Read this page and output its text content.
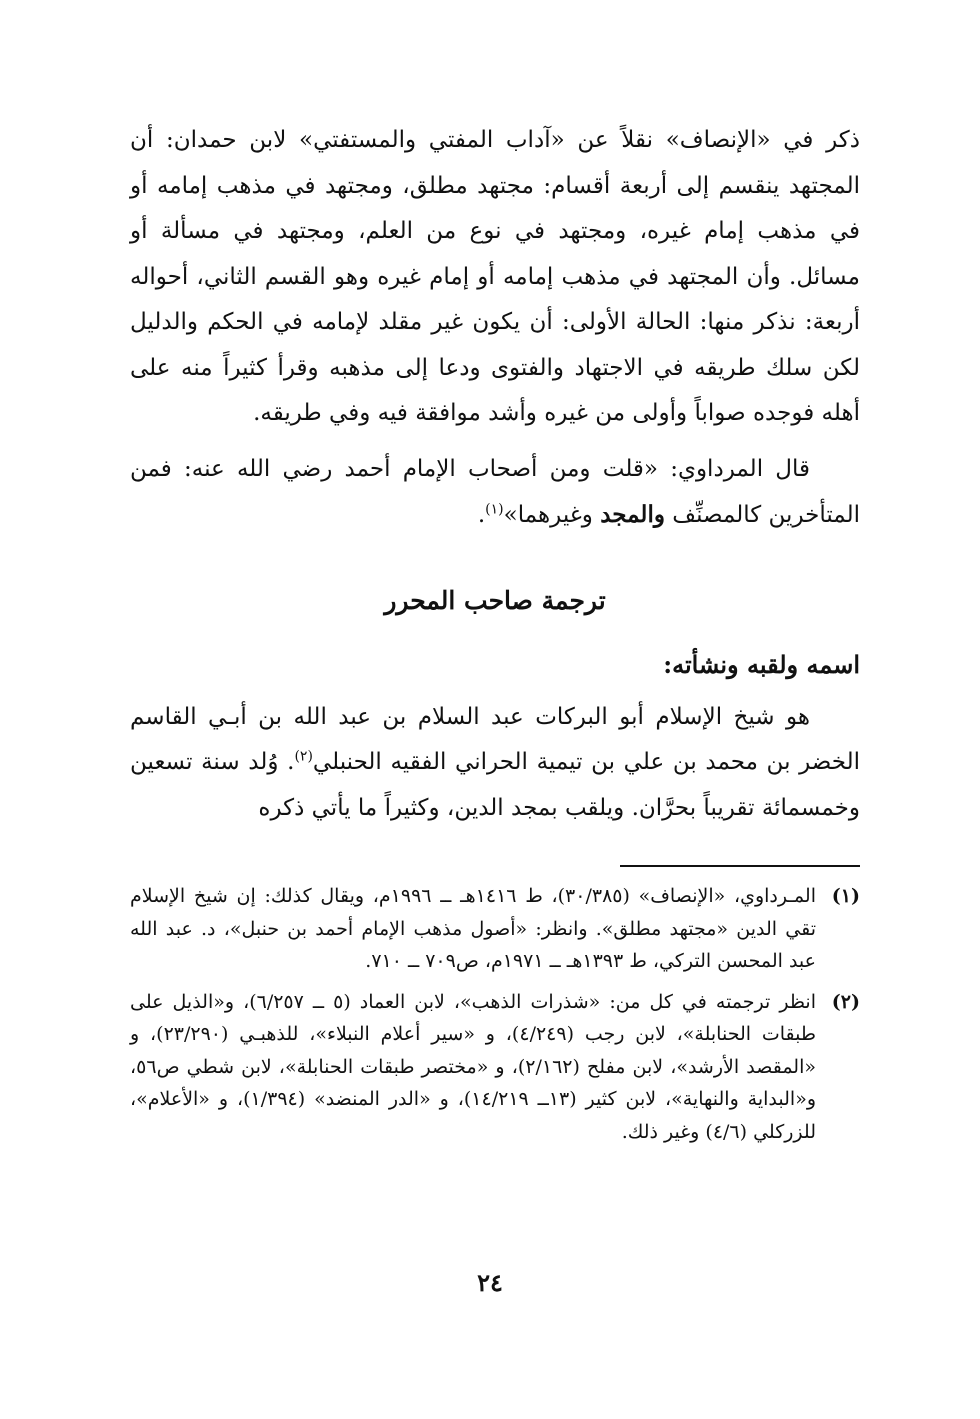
ذكر في «الإنصاف» نقلاً عن «آداب المفتي والمستفتي» لابن حمدان: أن المجتهد ينقسم إلى أربعة أقسام: مجتهد مطلق، ومجتهد في مذهب إمامه أو في مذهب إمام غيره، ومجتهد في نوع من العلم، ومجتهد في مسألة أو مسائل. وأن المجتهد في مذهب إمامه أو إمام غيره وهو القسم الثاني، أحواله أربعة: نذكر منها: الحالة الأولى: أن يكون غير مقلد لإمامه في الحكم والدليل لكن سلك طريقه في الاجتهاد والفتوى ودعا إلى مذهبه وقرأ كثيراً منه على أهله فوجده صواباً وأولى من غيره وأشد موافقة فيه وفي طريقه.

قال المرداوي: «قلت ومن أصحاب الإمام أحمد رضي الله عنه: فمن المتأخرين كالمصنِّف والمجد وغيرهما»$^{(١)}$.

ترجمة صاحب المحرر
اسمه ولقبه ونشأته:

هو شيخ الإسلام أبو البركات عبد السلام بن عبد الله بن أبـي القاسم الخضر بن محمد بن علي بن تيمية الحراني الفقيه الحنبلي$^{(٢)}$. وُلد سنة تسعين وخمسمائة تقريباً بحرَّان. ويلقب بمجد الدين، وكثيراً ما يأتي ذكره

(١)
المـرداوي، «الإنصاف» (٣٠/٣٨٥)، ط ١٤١٦هـ ــ ١٩٩٦م، ويقال كذلك: إن شيخ الإسلام تقي الدين «مجتهد مطلق». وانظر: «أصول مذهب الإمام أحمد بن حنبل»، د. عبد الله عبد المحسن التركي، ط ١٣٩٣هـ ــ ١٩٧١م، ص٧٠٩ ــ ٧١٠.
(٢)
انظر ترجمته في كل من: «شذرات الذهب»، لابن العماد (٥ ــ ٦/٢٥٧)، و«الذيل على طبقات الحنابلة»، لابن رجب (٤/٢٤٩)، و «سير أعلام النبلاء»، للذهبـي (٢٣/٢٩٠)، و «المقصد الأرشد»، لابن مفلح (٢/١٦٢)، و «مختصر طبقات الحنابلة»، لابن شطي ص٥٦، و«البداية والنهاية»، لابن كثير (١٣ــ ١٤/٢١٩)، و «الدر المنضد» (١/٣٩٤)، و «الأعلام»، للزركلي (٤/٦) وغير ذلك.
٢٤
